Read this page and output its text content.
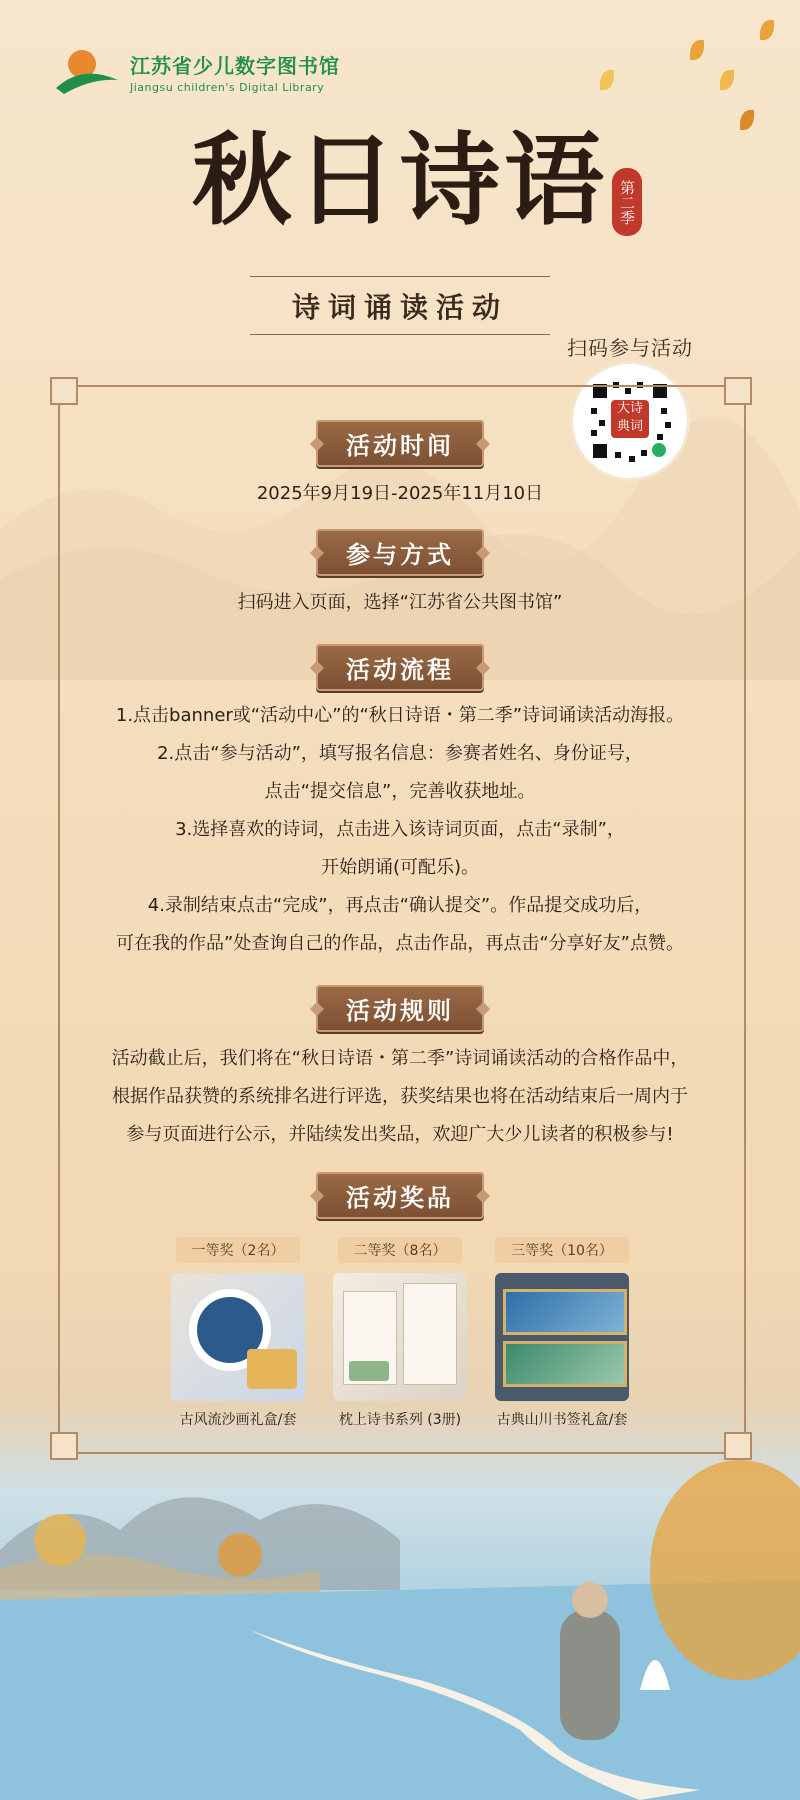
江苏省少儿数字图书馆
Jiangsu children's Digital Library
秋日诗语 第二季
诗词诵读活动
扫码参与活动
大诗典词
活动时间
2025年9月19日-2025年11月10日
参与方式
扫码进入页面，选择“江苏省公共图书馆”
活动流程
1.点击banner或“活动中心”的“秋日诗语・第二季”诗词诵读活动海报。
2.点击“参与活动”，填写报名信息：参赛者姓名、身份证号，
点击“提交信息”，完善收获地址。
3.选择喜欢的诗词，点击进入该诗词页面，点击“录制”，
开始朗诵(可配乐)。
4.录制结束点击“完成”，再点击“确认提交”。作品提交成功后，
可在我的作品”处查询自己的作品，点击作品，再点击“分享好友”点赞。
活动规则
活动截止后，我们将在“秋日诗语・第二季”诗词诵读活动的合格作品中，
根据作品获赞的系统排名进行评选，获奖结果也将在活动结束后一周内于
参与页面进行公示，并陆续发出奖品，欢迎广大少儿读者的积极参与!
活动奖品
一等奖（2名）
古风流沙画礼盒/套
二等奖（8名）
枕上诗书系列 (3册)
三等奖（10名）
古典山川书签礼盒/套
